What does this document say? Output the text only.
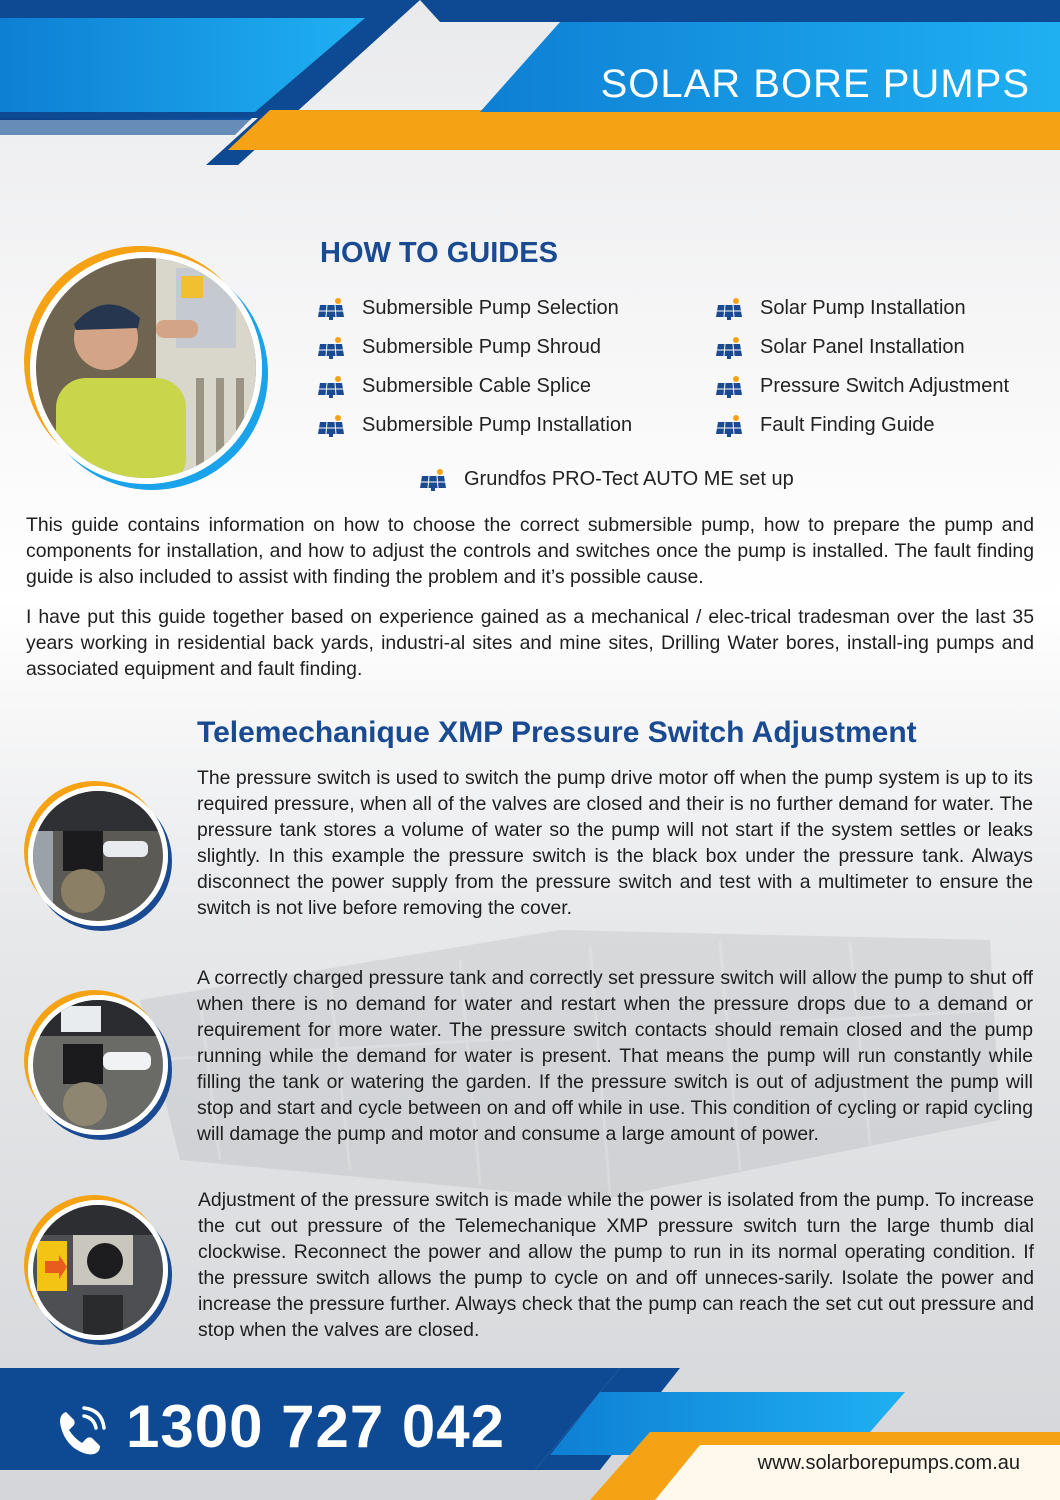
SOLAR BORE PUMPS
HOW TO GUIDES
Submersible Pump Selection
Submersible Pump Shroud
Submersible Cable Splice
Submersible Pump Installation
Solar Pump Installation
Solar Panel Installation
Pressure Switch Adjustment
Fault Finding Guide
Grundfos PRO-Tect AUTO ME set up

This guide contains information on how to choose the correct submersible pump, how to prepare the pump and components for installation, and how to adjust the controls and switches once the pump is installed. The fault finding guide is also included to assist with finding the problem and it’s possible cause.

I have put this guide together based on experience gained as a mechanical / elec-trical tradesman over the last 35 years working in residential back yards, industri-al sites and mine sites, Drilling Water bores, install-ing pumps and associated equipment and fault finding.

Telemechanique XMP Pressure Switch Adjustment

The pressure switch is used to switch the pump drive motor off when the pump system is up to its required pressure, when all of the valves are closed and their is no further demand for water. The pressure tank stores a volume of water so the pump will not start if the system settles or leaks slightly. In this example the pressure switch is the black box under the pressure tank. Always disconnect the power supply from the pressure switch and test with a multimeter to ensure the switch is not live before removing the cover.

A correctly charged pressure tank and correctly set pressure switch will allow the pump to shut off when there is no demand for water and restart when the pressure drops due to a demand or requirement for more water. The pressure switch contacts should remain closed and the pump running while the demand for water is present. That means the pump will run constantly while filling the tank or watering the garden. If the pressure switch is out of adjustment the pump will stop and start and cycle between on and off while in use. This condition of cycling or rapid cycling will damage the pump and motor and consume a large amount of power.

Adjustment of the pressure switch is made while the power is isolated from the pump. To increase the cut out pressure of the Telemechanique XMP pressure switch turn the large thumb dial clockwise. Reconnect the power and allow the pump to run in its normal operating condition. If the pressure switch allows the pump to cycle on and off unneces-sarily. Isolate the power and increase the pressure further. Always check that the pump can reach the set cut out pressure and stop when the valves are closed.

1300 727 042
www.solarborepumps.com.au
